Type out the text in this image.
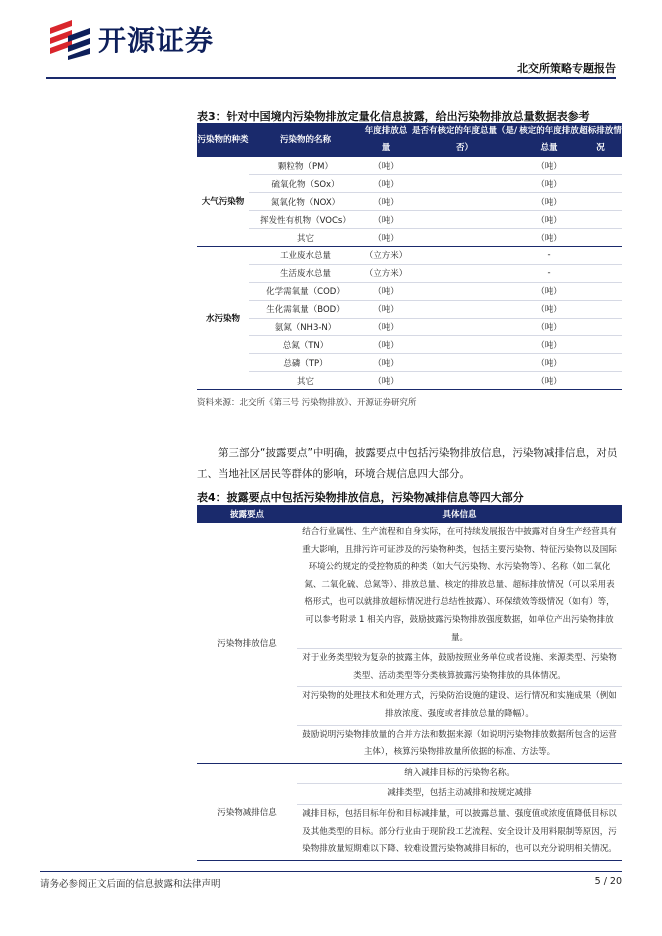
开源证券
北交所策略专题报告
表3：针对中国境内污染物排放定量化信息披露，给出污染物排放总量数据表参考
污染物的种类	污染物的名称	年度排放总量	是否有核定的年度总量（是/否）	核定的年度排放总量	超标排放情况
大气污染物	颗粒物（PM）	（吨）		（吨）	
	硫氧化物（SOx）	（吨）		（吨）	
	氮氧化物（NOX）	（吨）		（吨）	
	挥发性有机物（VOCs）	（吨）		（吨）	
	其它	（吨）		（吨）	
水污染物	工业废水总量	（立方米）		-	
	生活废水总量	（立方米）		-	
	化学需氧量（COD）	（吨）		（吨）	
	生化需氧量（BOD）	（吨）		（吨）	
	氨氮（NH3-N）	（吨）		（吨）	
	总氮（TN）	（吨）		（吨）	
	总磷（TP）	（吨）		（吨）	
	其它	（吨）		（吨）	
资料来源：北交所《第三号 污染物排放》、开源证券研究所

第三部分“披露要点”中明确，披露要点中包括污染物排放信息，污染物减排信息，对员工、当地社区居民等群体的影响，环境合规信息四大部分。

表4：披露要点中包括污染物排放信息，污染物减排信息等四大部分
披露要点	具体信息
污染物排放信息	结合行业属性、生产流程和自身实际，在可持续发展报告中披露对自身生产经营具有重大影响，且排污许可证涉及的污染物种类，包括主要污染物、特征污染物以及国际环境公约规定的受控物质的种类（如大气污染物、水污染物等）、名称（如二氧化氮、二氧化硫、总氮等）、排放总量、核定的排放总量、超标排放情况（可以采用表格形式，也可以就排放超标情况进行总结性披露）、环保绩效等级情况（如有）等，可以参考附录 1 相关内容，鼓励披露污染物排放强度数据，如单位产出污染物排放量。
	对于业务类型较为复杂的披露主体，鼓励按照业务单位或者设施、来源类型、污染物类型、活动类型等分类核算披露污染物排放的具体情况。
	对污染物的处理技术和处理方式，污染防治设施的建设、运行情况和实施成果（例如排放浓度、强度或者排放总量的降幅）。
	鼓励说明污染物排放量的合并方法和数据来源（如说明污染物排放数据所包含的运营主体），核算污染物排放量所依据的标准、方法等。
污染物减排信息	纳入减排目标的污染物名称。
	减排类型，包括主动减排和按规定减排
	减排目标，包括目标年份和目标减排量，可以披露总量、强度值或浓度值降低目标以及其他类型的目标。部分行业由于现阶段工艺流程、安全设计及用料限制等原因，污染物排放量短期难以下降、较难设置污染物减排目标的，也可以充分说明相关情况。
请务必参阅正文后面的信息披露和法律声明	5 / 20
